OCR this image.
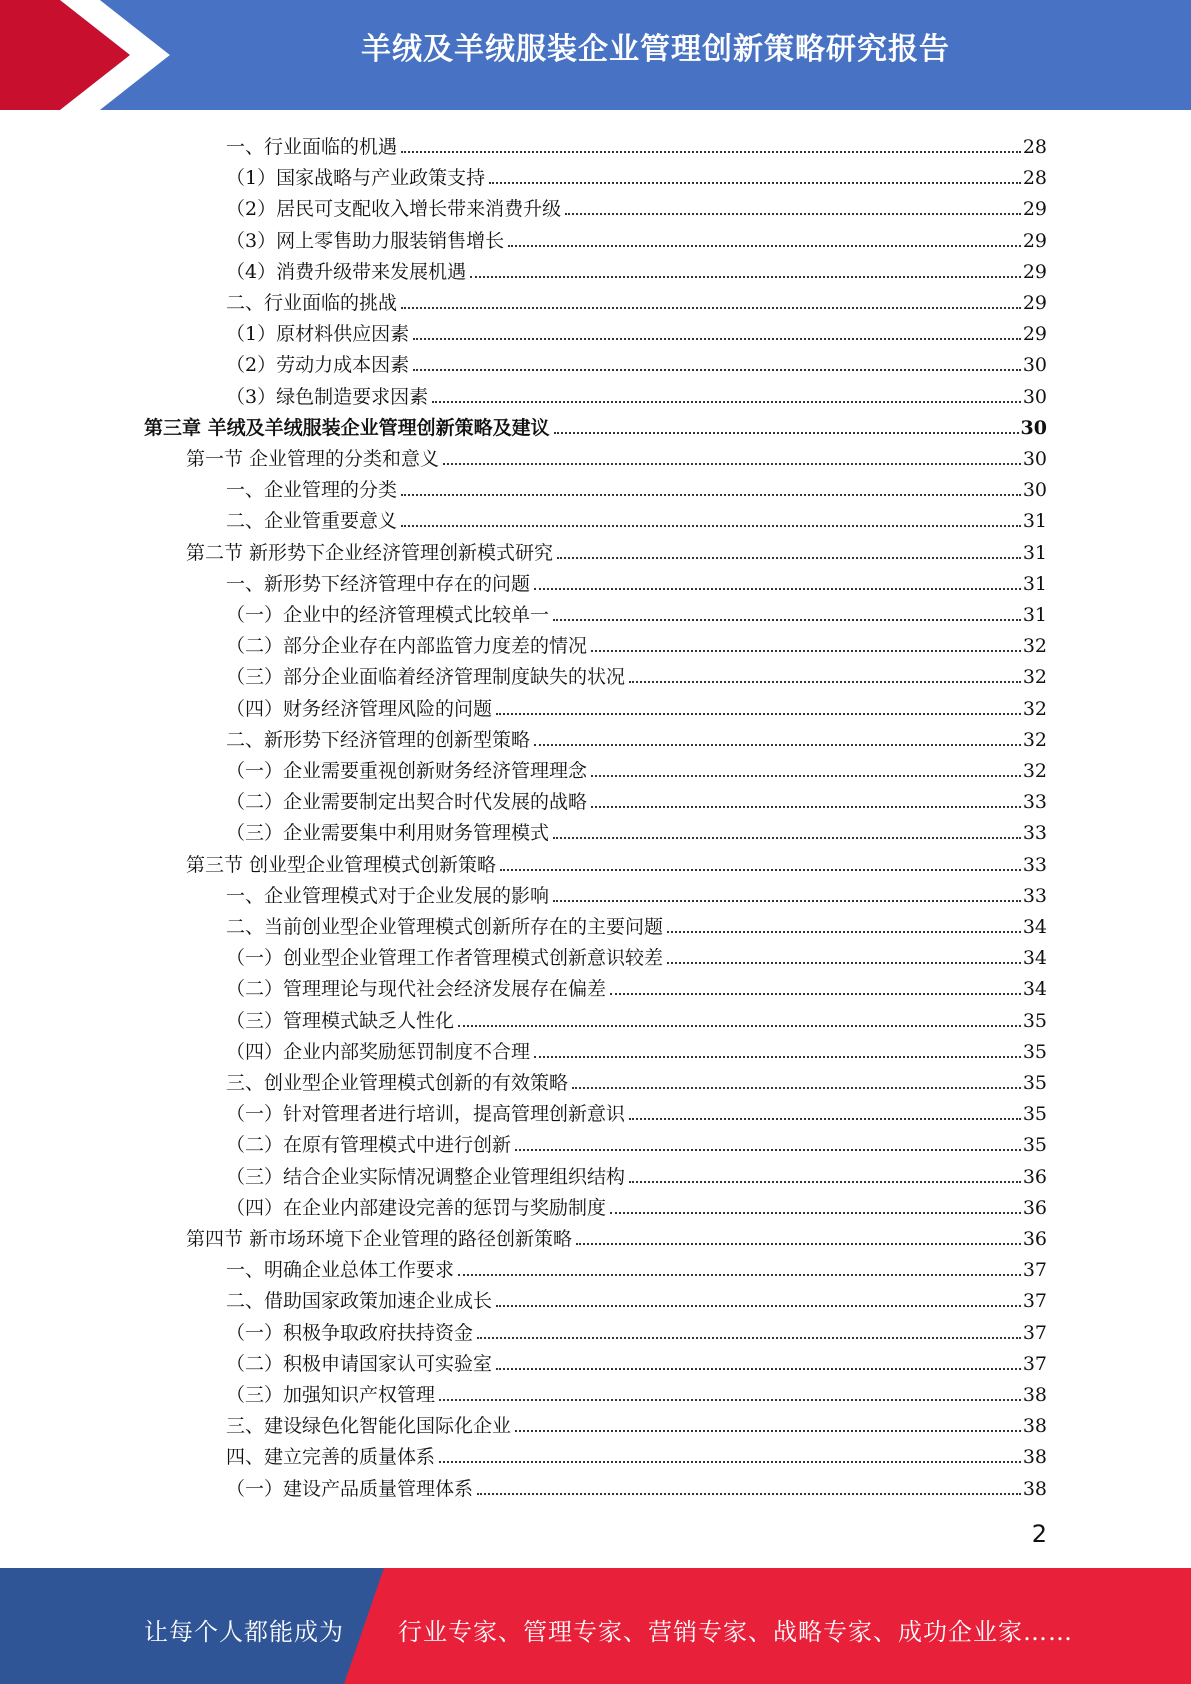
羊绒及羊绒服装企业管理创新策略研究报告
一、行业面临的机遇	28
（1）国家战略与产业政策支持	28
（2）居民可支配收入增长带来消费升级	29
（3）网上零售助力服装销售增长	29
（4）消费升级带来发展机遇	29
二、行业面临的挑战	29
（1）原材料供应因素	29
（2）劳动力成本因素	30
（3）绿色制造要求因素	30
第三章 羊绒及羊绒服装企业管理创新策略及建议	30
第一节 企业管理的分类和意义	30
一、企业管理的分类	30
二、企业管重要意义	31
第二节 新形势下企业经济管理创新模式研究	31
一、新形势下经济管理中存在的问题	31
（一）企业中的经济管理模式比较单一	31
（二）部分企业存在内部监管力度差的情况	32
（三）部分企业面临着经济管理制度缺失的状况	32
（四）财务经济管理风险的问题	32
二、新形势下经济管理的创新型策略	32
（一）企业需要重视创新财务经济管理理念	32
（二）企业需要制定出契合时代发展的战略	33
（三）企业需要集中利用财务管理模式	33
第三节 创业型企业管理模式创新策略	33
一、企业管理模式对于企业发展的影响	33
二、当前创业型企业管理模式创新所存在的主要问题	34
（一）创业型企业管理工作者管理模式创新意识较差	34
（二）管理理论与现代社会经济发展存在偏差	34
（三）管理模式缺乏人性化	35
（四）企业内部奖励惩罚制度不合理	35
三、创业型企业管理模式创新的有效策略	35
（一）针对管理者进行培训，提高管理创新意识	35
（二）在原有管理模式中进行创新	35
（三）结合企业实际情况调整企业管理组织结构	36
（四）在企业内部建设完善的惩罚与奖励制度	36
第四节 新市场环境下企业管理的路径创新策略	36
一、明确企业总体工作要求	37
二、借助国家政策加速企业成长	37
（一）积极争取政府扶持资金	37
（二）积极申请国家认可实验室	37
（三）加强知识产权管理	38
三、建设绿色化智能化国际化企业	38
四、建立完善的质量体系	38
（一）建设产品质量管理体系	38
2
让每个人都能成为 行业专家、管理专家、营销专家、战略专家、成功企业家……
